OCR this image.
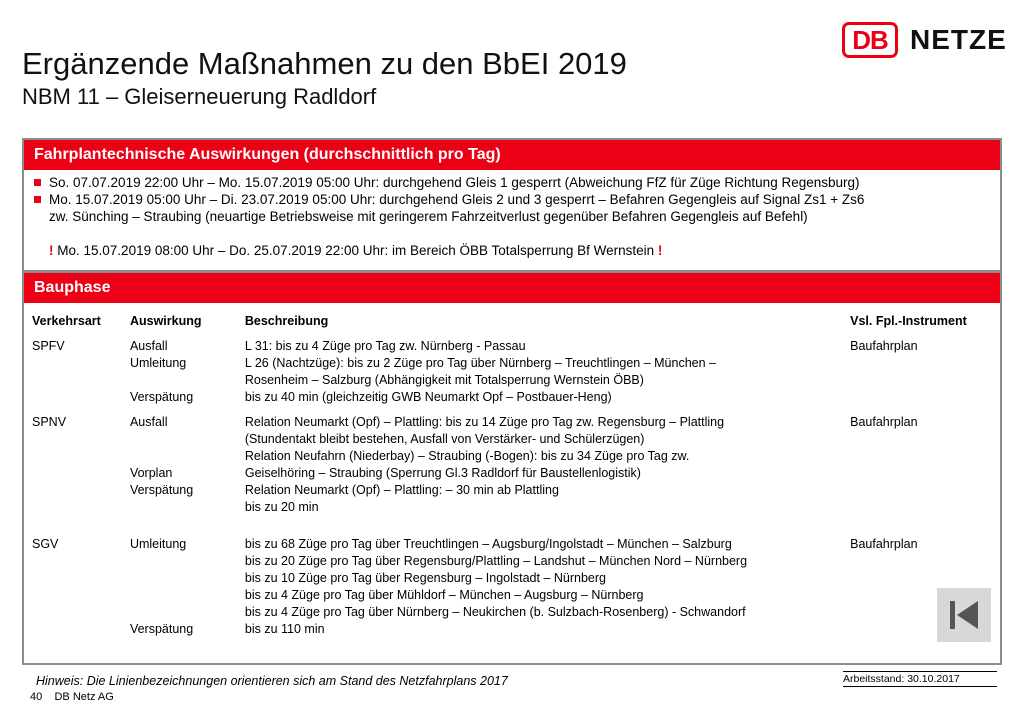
DB NETZE
Ergänzende Maßnahmen zu den BbEI 2019
NBM 11 – Gleiserneuerung Radldorf
Fahrplantechnische Auswirkungen (durchschnittlich pro Tag)
So. 07.07.2019 22:00 Uhr – Mo. 15.07.2019 05:00 Uhr: durchgehend Gleis 1 gesperrt (Abweichung FfZ für Züge Richtung Regensburg)
Mo. 15.07.2019 05:00 Uhr – Di. 23.07.2019 05:00 Uhr: durchgehend Gleis 2 und 3 gesperrt – Befahren Gegengleis auf Signal Zs1 + Zs6
zw. Sünching – Straubing (neuartige Betriebsweise mit geringerem Fahrzeitverlust gegenüber Befahren Gegengleis auf Befehl)
! Mo. 15.07.2019 08:00 Uhr – Do. 25.07.2019 22:00 Uhr: im Bereich ÖBB Totalsperrung Bf Wernstein !
Bauphase
Verkehrsart	Auswirkung	Beschreibung	Vsl. Fpl.-Instrument
SPFV	Ausfall	L 31: bis zu 4 Züge pro Tag zw. Nürnberg - Passau	Baufahrplan
	Umleitung	L 26 (Nachtzüge): bis zu 2 Züge pro Tag über Nürnberg – Treuchtlingen – München –	
		Rosenheim – Salzburg (Abhängigkeit mit Totalsperrung Wernstein ÖBB)	
	Verspätung	bis zu 40 min (gleichzeitig GWB Neumarkt Opf – Postbauer-Heng)	

SPNV	Ausfall	Relation Neumarkt (Opf) – Plattling: bis zu 14 Züge pro Tag zw. Regensburg – Plattling	Baufahrplan
		(Stundentakt bleibt bestehen, Ausfall von Verstärker- und Schülerzügen)	
		Relation Neufahrn (Niederbay) – Straubing (-Bogen): bis zu 34 Züge pro Tag zw.	
	Vorplan	Geiselhöring – Straubing (Sperrung Gl.3 Radldorf für Baustellenlogistik)	
	Verspätung	Relation Neumarkt (Opf) – Plattling: – 30 min ab Plattling	
		bis zu 20 min	

SGV	Umleitung	bis zu 68 Züge pro Tag über Treuchtlingen – Augsburg/Ingolstadt – München – Salzburg	Baufahrplan
		bis zu 20 Züge pro Tag über Regensburg/Plattling – Landshut – München Nord – Nürnberg	
		bis zu 10 Züge pro Tag über Regensburg – Ingolstadt – Nürnberg	
		bis zu 4 Züge pro Tag über Mühldorf – München – Augsburg – Nürnberg	
		bis zu 4 Züge pro Tag über Nürnberg – Neukirchen (b. Sulzbach-Rosenberg) - Schwandorf	
	Verspätung	bis zu 110 min	
Hinweis: Die Linienbezeichnungen orientieren sich am Stand des Netzfahrplans 2017	Arbeitsstand: 30.10.2017
40 DB Netz AG
